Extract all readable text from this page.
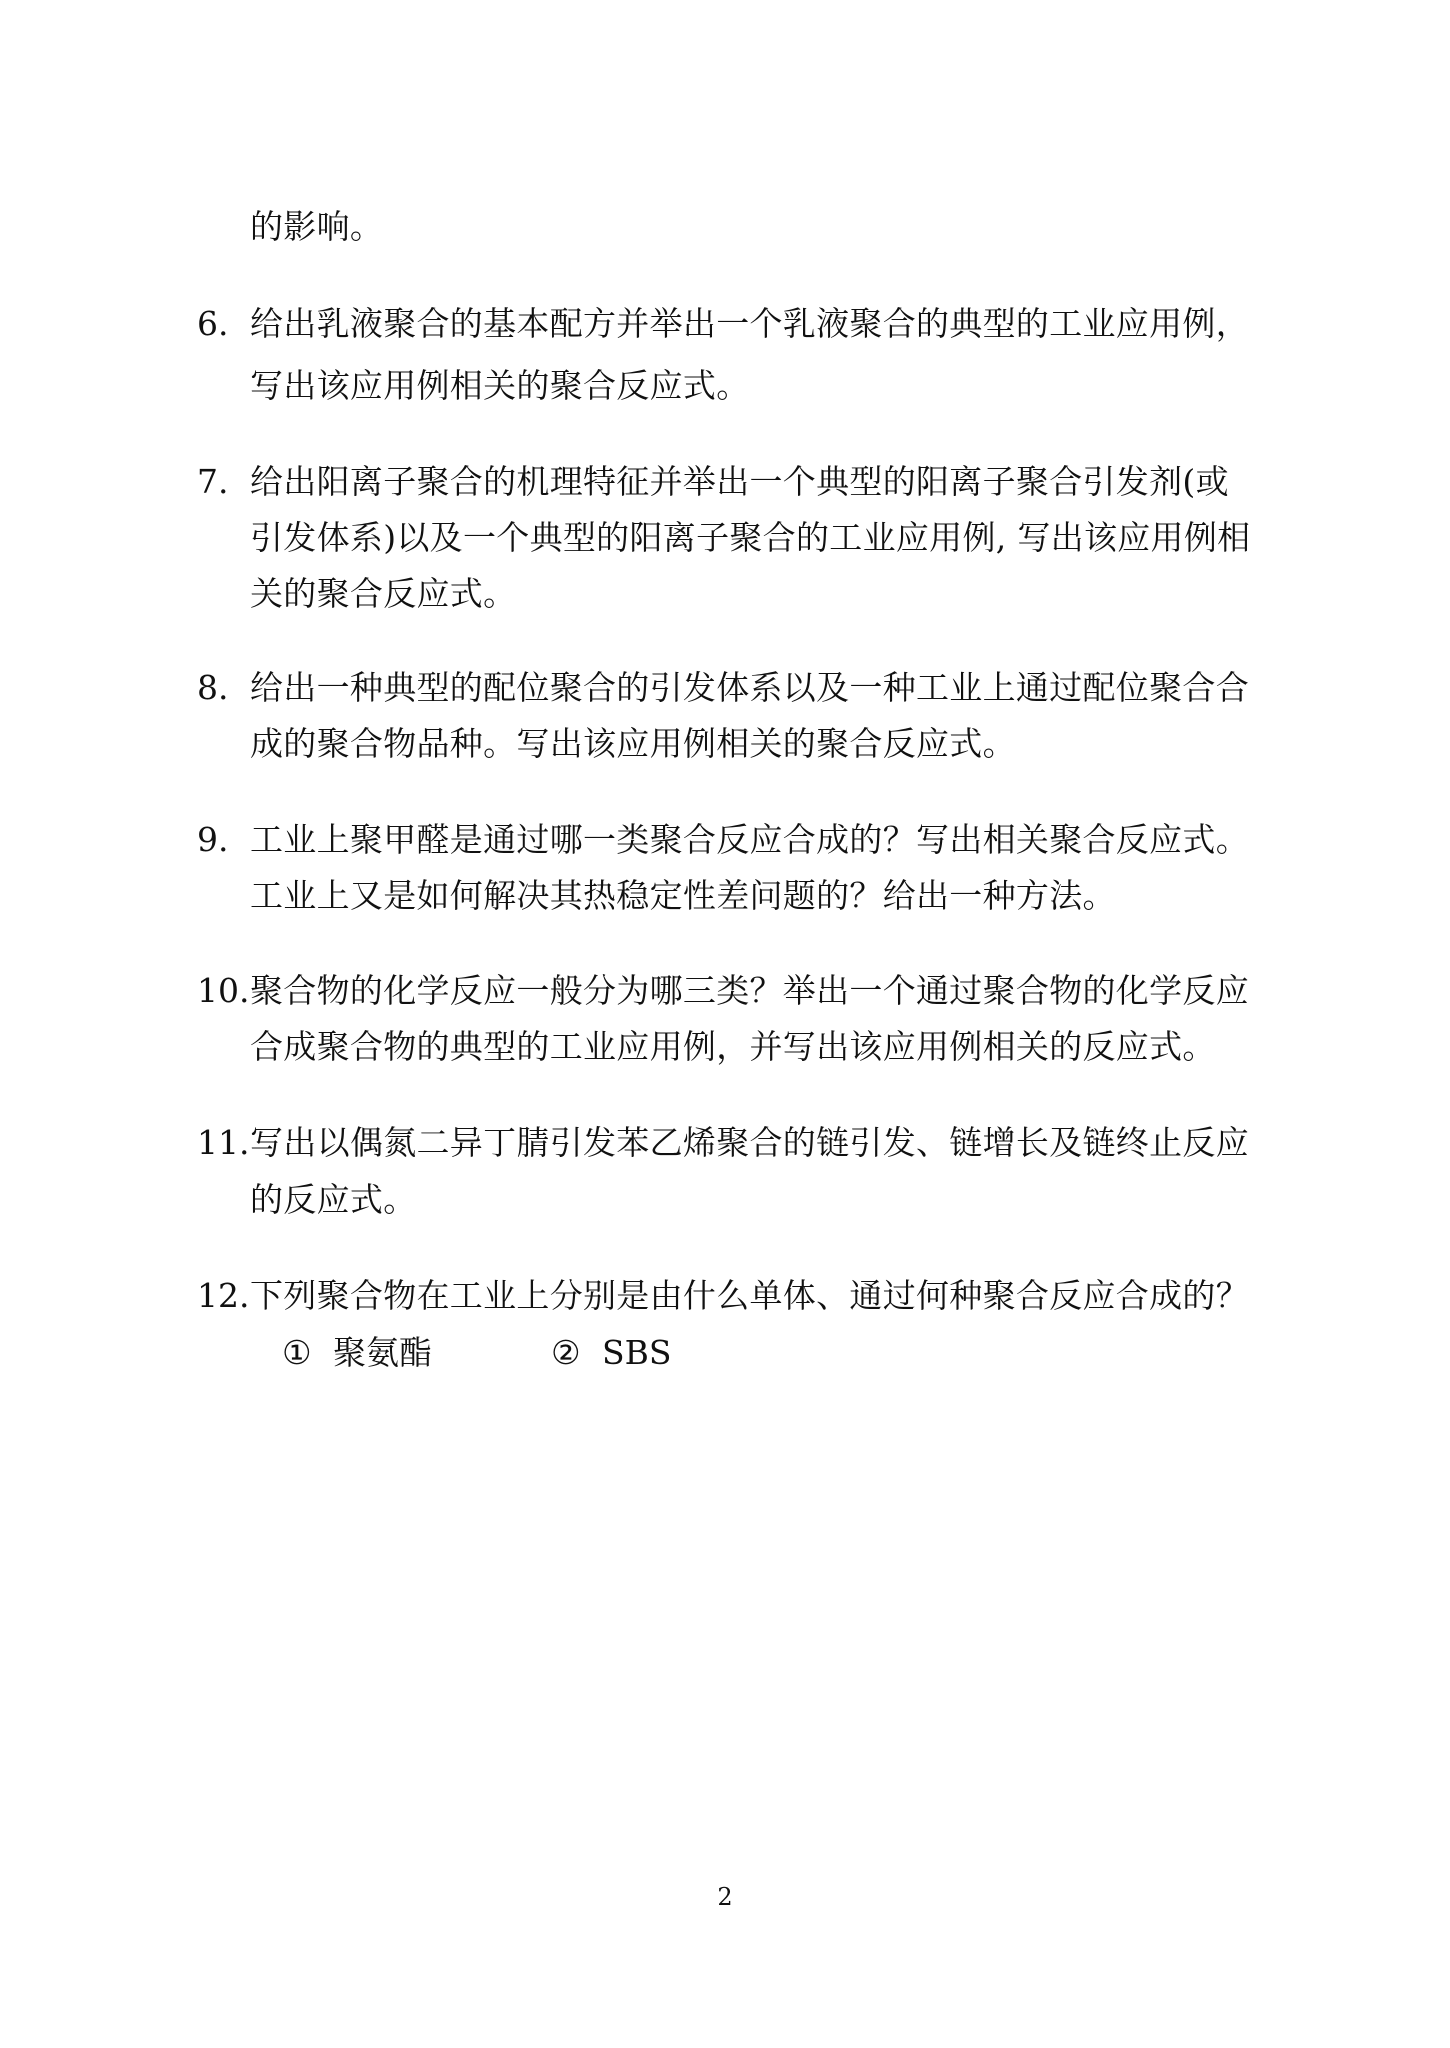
的影响。
6. 给出乳液聚合的基本配方并举出一个乳液聚合的典型的工业应用例，
写出该应用例相关的聚合反应式。
7. 给出阳离子聚合的机理特征并举出一个典型的阳离子聚合引发剂(或
引发体系)以及一个典型的阳离子聚合的工业应用例, 写出该应用例相
关的聚合反应式。
8. 给出一种典型的配位聚合的引发体系以及一种工业上通过配位聚合合
成的聚合物品种。写出该应用例相关的聚合反应式。
9. 工业上聚甲醛是通过哪一类聚合反应合成的？写出相关聚合反应式。
工业上又是如何解决其热稳定性差问题的？给出一种方法。
10. 聚合物的化学反应一般分为哪三类？举出一个通过聚合物的化学反应
合成聚合物的典型的工业应用例，并写出该应用例相关的反应式。
11. 写出以偶氮二异丁腈引发苯乙烯聚合的链引发、链增长及链终止反应
的反应式。
12. 下列聚合物在工业上分别是由什么单体、通过何种聚合反应合成的？
① 聚氨酯	② SBS
2
